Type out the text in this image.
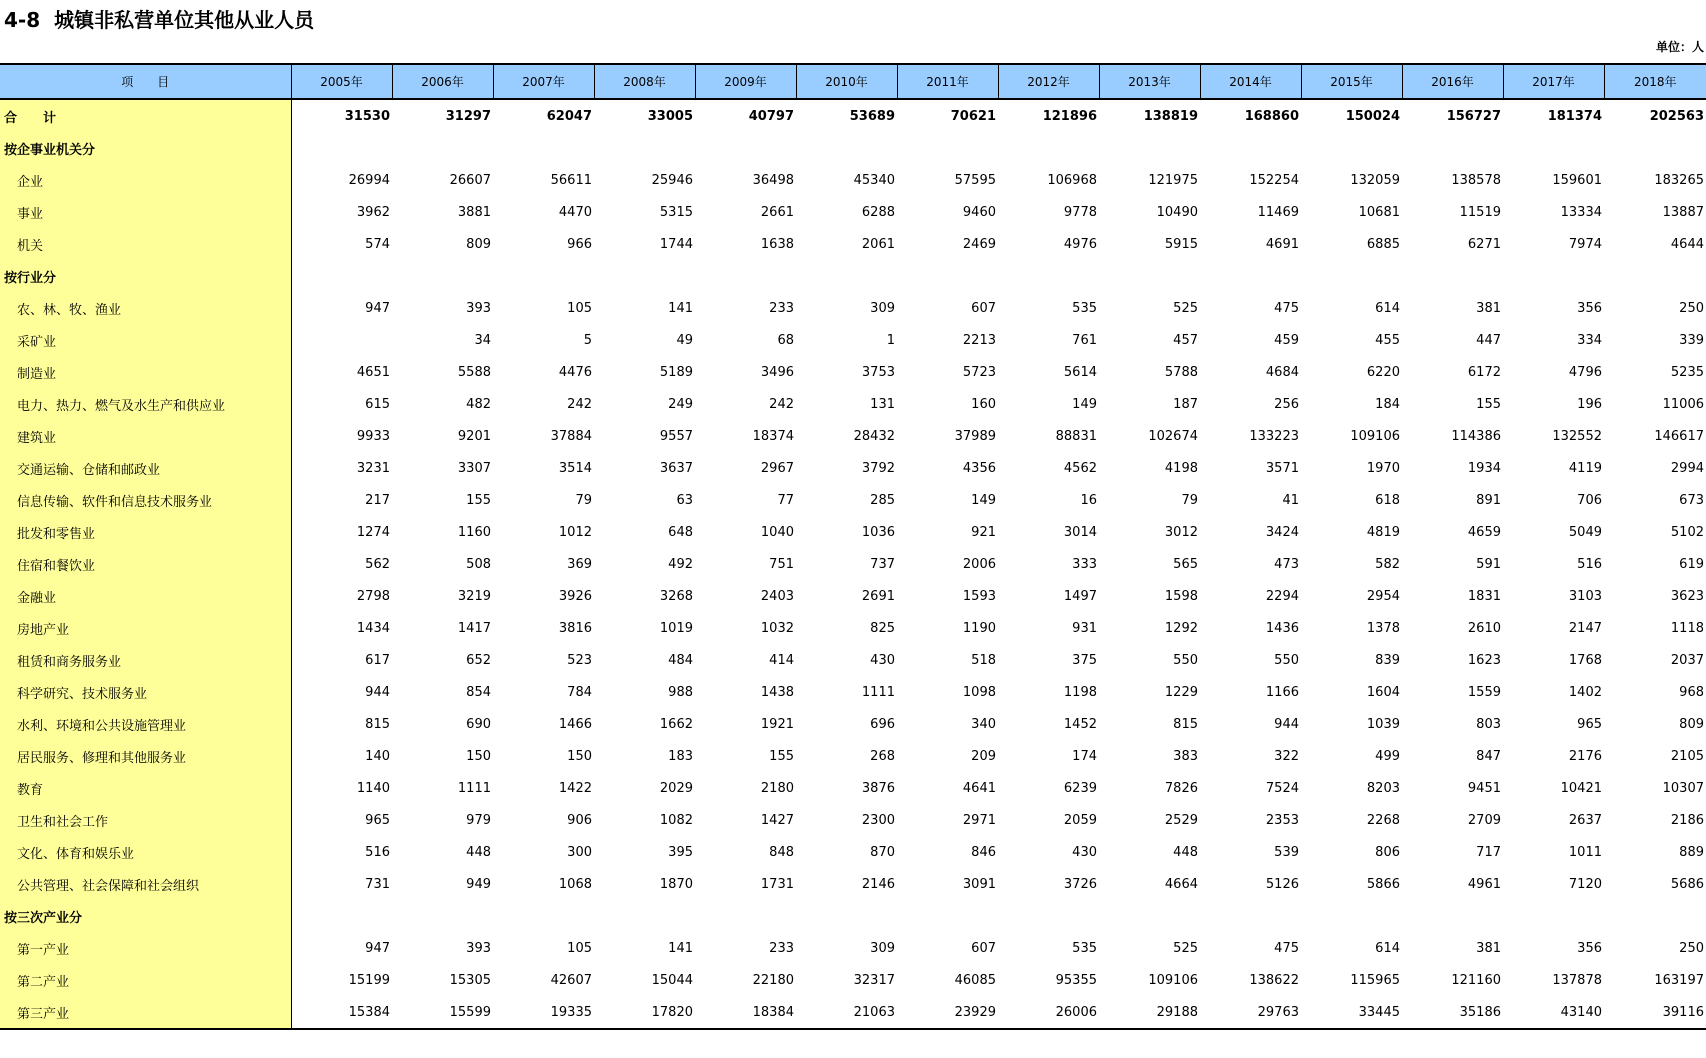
4-8 城镇非私营单位其他从业人员
单位：人
项　　目	2005年	2006年	2007年	2008年	2009年	2010年	2011年	2012年	2013年	2014年	2015年	2016年	2017年	2018年
合　　计	31530	31297	62047	33005	40797	53689	70621	121896	138819	168860	150024	156727	181374	202563
按企事业机关分														
企业	26994	26607	56611	25946	36498	45340	57595	106968	121975	152254	132059	138578	159601	183265
事业	3962	3881	4470	5315	2661	6288	9460	9778	10490	11469	10681	11519	13334	13887
机关	574	809	966	1744	1638	2061	2469	4976	5915	4691	6885	6271	7974	4644
按行业分														
农、林、牧、渔业	947	393	105	141	233	309	607	535	525	475	614	381	356	250
采矿业		34	5	49	68	1	2213	761	457	459	455	447	334	339
制造业	4651	5588	4476	5189	3496	3753	5723	5614	5788	4684	6220	6172	4796	5235
电力、热力、燃气及水生产和供应业	615	482	242	249	242	131	160	149	187	256	184	155	196	11006
建筑业	9933	9201	37884	9557	18374	28432	37989	88831	102674	133223	109106	114386	132552	146617
交通运输、仓储和邮政业	3231	3307	3514	3637	2967	3792	4356	4562	4198	3571	1970	1934	4119	2994
信息传输、软件和信息技术服务业	217	155	79	63	77	285	149	16	79	41	618	891	706	673
批发和零售业	1274	1160	1012	648	1040	1036	921	3014	3012	3424	4819	4659	5049	5102
住宿和餐饮业	562	508	369	492	751	737	2006	333	565	473	582	591	516	619
金融业	2798	3219	3926	3268	2403	2691	1593	1497	1598	2294	2954	1831	3103	3623
房地产业	1434	1417	3816	1019	1032	825	1190	931	1292	1436	1378	2610	2147	1118
租赁和商务服务业	617	652	523	484	414	430	518	375	550	550	839	1623	1768	2037
科学研究、技术服务业	944	854	784	988	1438	1111	1098	1198	1229	1166	1604	1559	1402	968
水利、环境和公共设施管理业	815	690	1466	1662	1921	696	340	1452	815	944	1039	803	965	809
居民服务、修理和其他服务业	140	150	150	183	155	268	209	174	383	322	499	847	2176	2105
教育	1140	1111	1422	2029	2180	3876	4641	6239	7826	7524	8203	9451	10421	10307
卫生和社会工作	965	979	906	1082	1427	2300	2971	2059	2529	2353	2268	2709	2637	2186
文化、体育和娱乐业	516	448	300	395	848	870	846	430	448	539	806	717	1011	889
公共管理、社会保障和社会组织	731	949	1068	1870	1731	2146	3091	3726	4664	5126	5866	4961	7120	5686
按三次产业分														
第一产业	947	393	105	141	233	309	607	535	525	475	614	381	356	250
第二产业	15199	15305	42607	15044	22180	32317	46085	95355	109106	138622	115965	121160	137878	163197
第三产业	15384	15599	19335	17820	18384	21063	23929	26006	29188	29763	33445	35186	43140	39116
